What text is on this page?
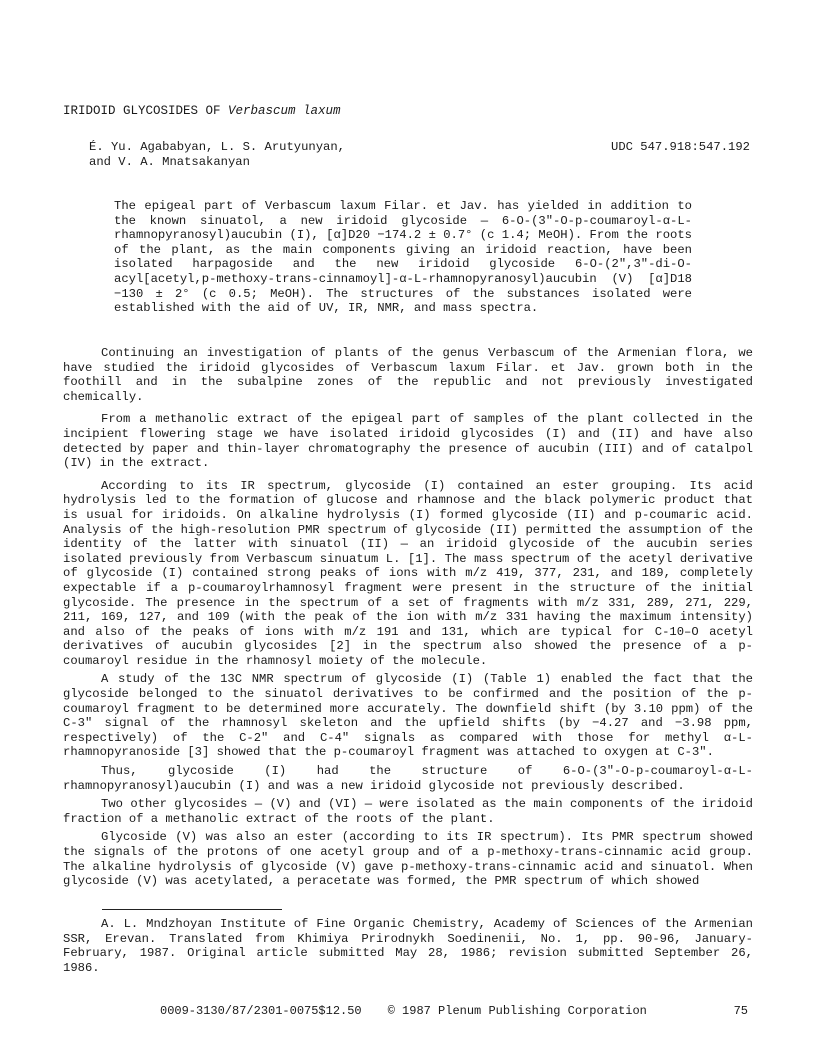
IRIDOID GLYCOSIDES OF Verbascum laxum
É. Yu. Agababyan, L. S. Arutyunyan,
and V. A. Mnatsakanyan
UDC 547.918:547.192
The epigeal part of Verbascum laxum Filar. et Jav. has yielded in addition to the known sinuatol, a new iridoid glycoside — 6-O-(3"-O-p-coumaroyl-α-L-rhamnopyranosyl)aucubin (I), [α]D20 −174.2 ± 0.7° (c 1.4; MeOH). From the roots of the plant, as the main components giving an iridoid reaction, have been isolated harpagoside and the new iridoid glycoside 6-O-(2",3"-di-O-acyl[acetyl,p-methoxy-trans-cinnamoyl]-α-L-rhamnopyranosyl)aucubin (V) [α]D18 −130 ± 2° (c 0.5; MeOH). The structures of the substances isolated were established with the aid of UV, IR, NMR, and mass spectra.

Continuing an investigation of plants of the genus Verbascum of the Armenian flora, we have studied the iridoid glycosides of Verbascum laxum Filar. et Jav. grown both in the foothill and in the subalpine zones of the republic and not previously investigated chemically.

From a methanolic extract of the epigeal part of samples of the plant collected in the incipient flowering stage we have isolated iridoid glycosides (I) and (II) and have also detected by paper and thin-layer chromatography the presence of aucubin (III) and of catalpol (IV) in the extract.

According to its IR spectrum, glycoside (I) contained an ester grouping. Its acid hydrolysis led to the formation of glucose and rhamnose and the black polymeric product that is usual for iridoids. On alkaline hydrolysis (I) formed glycoside (II) and p-coumaric acid. Analysis of the high-resolution PMR spectrum of glycoside (II) permitted the assumption of the identity of the latter with sinuatol (II) — an iridoid glycoside of the aucubin series isolated previously from Verbascum sinuatum L. [1]. The mass spectrum of the acetyl derivative of glycoside (I) contained strong peaks of ions with m/z 419, 377, 231, and 189, completely expectable if a p-coumaroylrhamnosyl fragment were present in the structure of the initial glycoside. The presence in the spectrum of a set of fragments with m/z 331, 289, 271, 229, 211, 169, 127, and 109 (with the peak of the ion with m/z 331 having the maximum intensity) and also of the peaks of ions with m/z 191 and 131, which are typical for C-10–O acetyl derivatives of aucubin glycosides [2] in the spectrum also showed the presence of a p-coumaroyl residue in the rhamnosyl moiety of the molecule.

A study of the 13C NMR spectrum of glycoside (I) (Table 1) enabled the fact that the glycoside belonged to the sinuatol derivatives to be confirmed and the position of the p-coumaroyl fragment to be determined more accurately. The downfield shift (by 3.10 ppm) of the C-3" signal of the rhamnosyl skeleton and the upfield shifts (by −4.27 and −3.98 ppm, respectively) of the C-2" and C-4" signals as compared with those for methyl α-L-rhamnopyranoside [3] showed that the p-coumaroyl fragment was attached to oxygen at C-3".

Thus, glycoside (I) had the structure of 6-O-(3"-O-p-coumaroyl-α-L-rhamnopyranosyl)aucubin (I) and was a new iridoid glycoside not previously described.

Two other glycosides — (V) and (VI) — were isolated as the main components of the iridoid fraction of a methanolic extract of the roots of the plant.

Glycoside (V) was also an ester (according to its IR spectrum). Its PMR spectrum showed the signals of the protons of one acetyl group and of a p-methoxy-trans-cinnamic acid group. The alkaline hydrolysis of glycoside (V) gave p-methoxy-trans-cinnamic acid and sinuatol. When glycoside (V) was acetylated, a peracetate was formed, the PMR spectrum of which showed

A. L. Mndzhoyan Institute of Fine Organic Chemistry, Academy of Sciences of the Armenian SSR, Erevan. Translated from Khimiya Prirodnykh Soedinenii, No. 1, pp. 90-96, January-February, 1987. Original article submitted May 28, 1986; revision submitted September 26, 1986.
0009-3130/87/2301-0075$12.50 © 1987 Plenum Publishing Corporation	75
